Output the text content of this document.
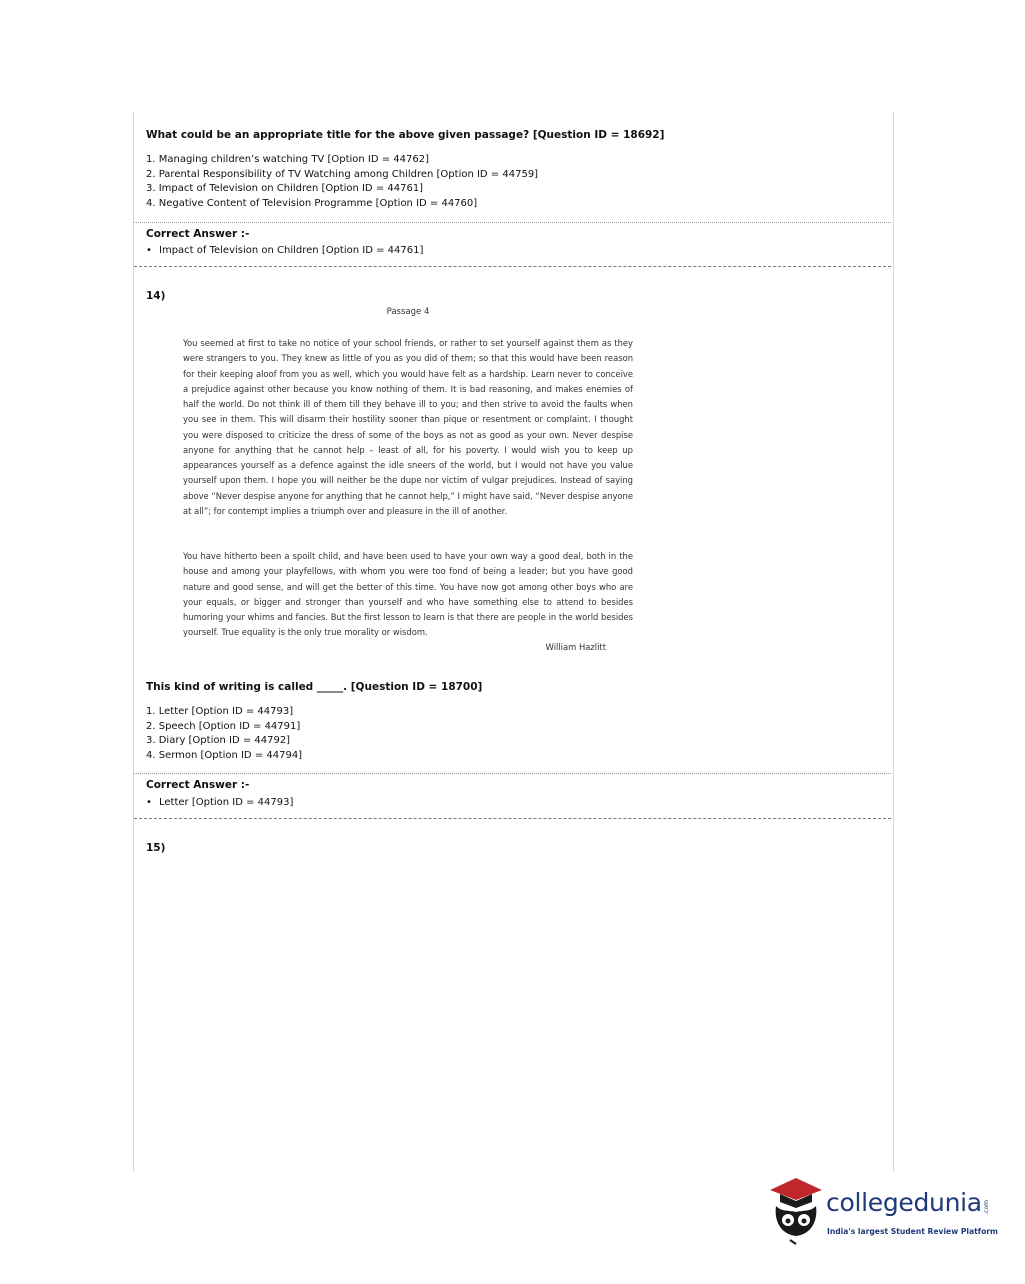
What could be an appropriate title for the above given passage? [Question ID = 18692]
1. Managing children’s watching TV [Option ID = 44762]
2. Parental Responsibility of TV Watching among Children [Option ID = 44759]
3. Impact of Television on Children [Option ID = 44761]
4. Negative Content of Television Programme [Option ID = 44760]
Correct Answer :-
• Impact of Television on Children [Option ID = 44761]
14)
Passage 4
You seemed at first to take no notice of your school friends, or rather to set yourself against them as they were strangers to you. They knew as little of you as you did of them; so that this would have been reason for their keeping aloof from you as well, which you would have felt as a hardship. Learn never to conceive a prejudice against other because you know nothing of them. It is bad reasoning, and makes enemies of half the world. Do not think ill of them till they behave ill to you; and then strive to avoid the faults when you see in them. This will disarm their hostility sooner than pique or resentment or complaint. I thought you were disposed to criticize the dress of some of the boys as not as good as your own. Never despise anyone for anything that he cannot help – least of all, for his poverty. I would wish you to keep up appearances yourself as a defence against the idle sneers of the world, but I would not have you value yourself upon them. I hope you will neither be the dupe nor victim of vulgar prejudices. Instead of saying above “Never despise anyone for anything that he cannot help,” I might have said, “Never despise anyone at all”; for contempt implies a triumph over and pleasure in the ill of another.
You have hitherto been a spoilt child, and have been used to have your own way a good deal, both in the house and among your playfellows, with whom you were too fond of being a leader; but you have good nature and good sense, and will get the better of this time. You have now got among other boys who are your equals, or bigger and stronger than yourself and who have something else to attend to besides humoring your whims and fancies. But the first lesson to learn is that there are people in the world besides yourself. True equality is the only true morality or wisdom.
William Hazlitt
This kind of writing is called _____. [Question ID = 18700]
1. Letter [Option ID = 44793]
2. Speech [Option ID = 44791]
3. Diary [Option ID = 44792]
4. Sermon [Option ID = 44794]
Correct Answer :-
• Letter [Option ID = 44793]
15)
collegedunia .com
India's largest Student Review Platform
